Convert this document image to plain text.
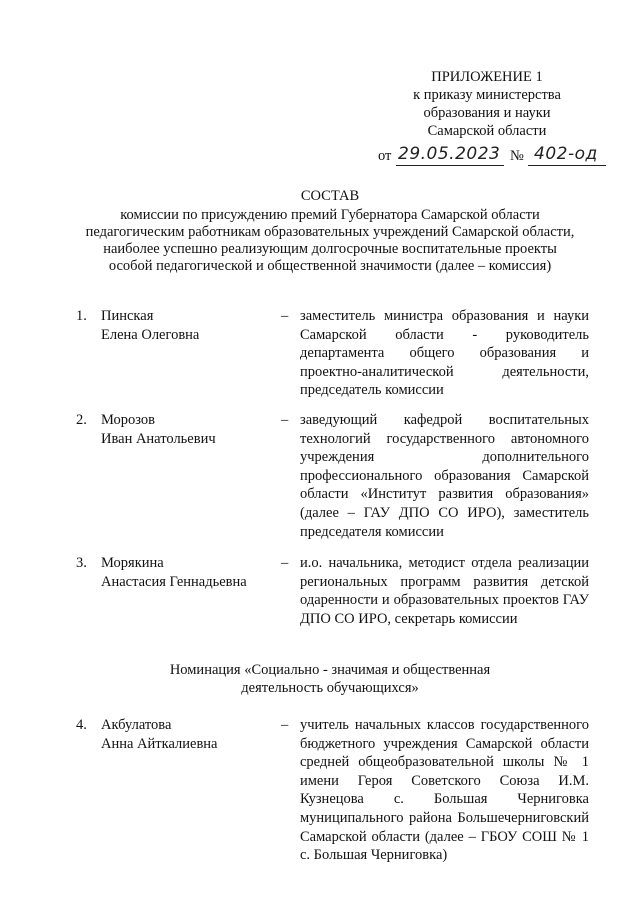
ПРИЛОЖЕНИЕ 1
к приказу министерства
образования и науки
Самарской области
от 29.05.2023 № 402-од
СОСТАВ
комиссии по присуждению премий Губернатора Самарской области
педагогическим работникам образовательных учреждений Самарской области,
наиболее успешно реализующим долгосрочные воспитательные проекты
особой педагогической и общественной значимости (далее – комиссия)
1. Пинская
Елена Олеговна
– заместитель министра образования и науки Самарской области - руководитель департамента общего образования и проектно-аналитической деятельности, председатель комиссии
2. Морозов
Иван Анатольевич
– заведующий кафедрой воспитательных технологий государственного автономного учреждения дополнительного профессионального образования Самарской области «Институт развития образования» (далее – ГАУ ДПО СО ИРО), заместитель председателя комиссии
3. Морякина
Анастасия Геннадьевна
– и.о. начальника, методист отдела реализации региональных программ развития детской одаренности и образовательных проектов ГАУ ДПО СО ИРО, секретарь комиссии
Номинация «Социально - значимая и общественная
деятельность обучающихся»
4. Акбулатова
Анна Айткалиевна
– учитель начальных классов государственного бюджетного учреждения Самарской области средней общеобразовательной школы № 1 имени Героя Советского Союза И.М. Кузнецова с. Большая Черниговка муниципального района Большечерниговский Самарской области (далее – ГБОУ СОШ № 1 с. Большая Черниговка)
